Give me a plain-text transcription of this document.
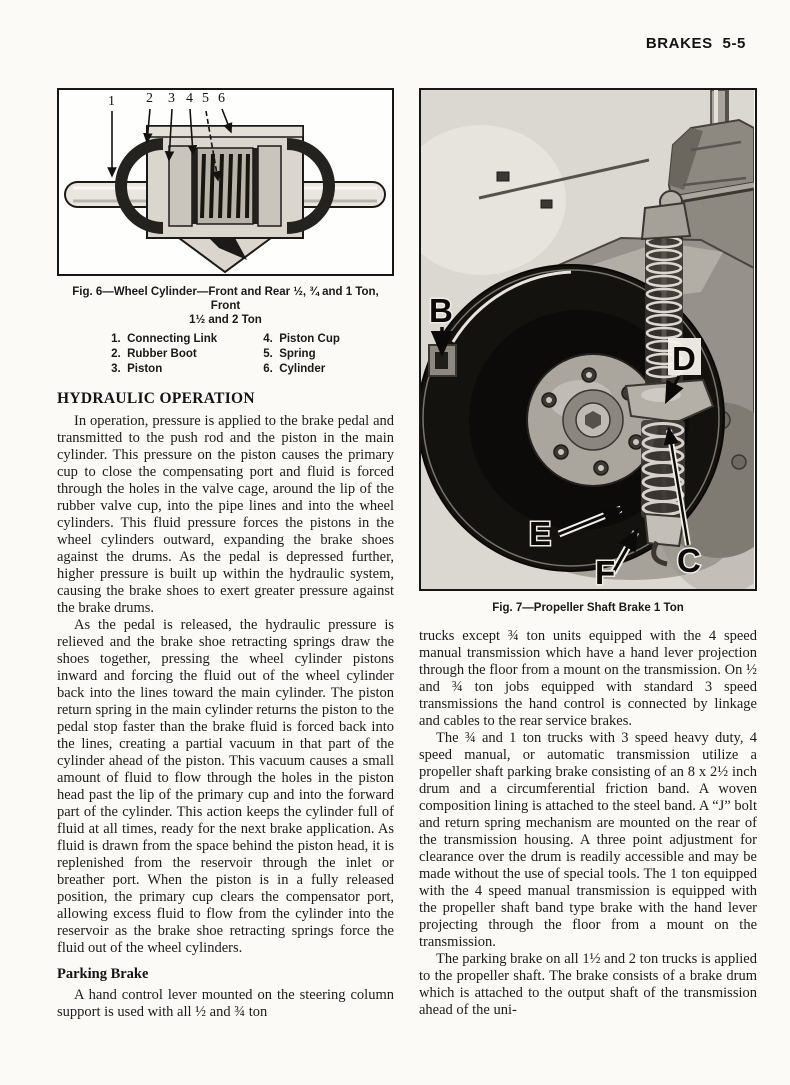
BRAKES 5-5
1 2 3 4 5 6
Fig. 6—Wheel Cylinder—Front and Rear ½, ¾ and 1 Ton, Front
1½ and 2 Ton
1. Connecting Link
2. Rubber Boot
3. Piston
4. Piston Cup
5. Spring
6. Cylinder
HYDRAULIC OPERATION

In operation, pressure is applied to the brake pedal and transmitted to the push rod and the piston in the main cylinder. This pressure on the piston causes the primary cup to close the compensating port and fluid is forced through the holes in the valve cage, around the lip of the rubber valve cup, into the pipe lines and into the wheel cylinders. This fluid pressure forces the pistons in the wheel cylinders outward, expanding the brake shoes against the drums. As the pedal is depressed further, higher pressure is built up within the hydraulic system, causing the brake shoes to exert greater pressure against the brake drums.

As the pedal is released, the hydraulic pressure is relieved and the brake shoe retracting springs draw the shoes together, pressing the wheel cylinder pistons inward and forcing the fluid out of the wheel cylinder back into the lines toward the main cylinder. The piston return spring in the main cylinder returns the piston to the pedal stop faster than the brake fluid is forced back into the lines, creating a partial vacuum in that part of the cylinder ahead of the piston. This vacuum causes a small amount of fluid to flow through the holes in the piston head past the lip of the primary cup and into the forward part of the cylinder. This action keeps the cylinder full of fluid at all times, ready for the next brake application. As fluid is drawn from the space behind the piston head, it is replenished from the reservoir through the inlet or breather port. When the piston is in a fully released position, the primary cup clears the compensator port, allowing excess fluid to flow from the cylinder into the reservoir as the brake shoe retracting springs force the fluid out of the wheel cylinders.

Parking Brake

A hand control lever mounted on the steering column support is used with all ½ and ¾ ton

B
D
E
F C
Fig. 7—Propeller Shaft Brake 1 Ton

trucks except ¾ ton units equipped with the 4 speed manual transmission which have a hand lever projection through the floor from a mount on the transmission. On ½ and ¾ ton jobs equipped with standard 3 speed transmissions the hand control is connected by linkage and cables to the rear service brakes.

The ¾ and 1 ton trucks with 3 speed heavy duty, 4 speed manual, or automatic transmission utilize a propeller shaft parking brake consisting of an 8 x 2½ inch drum and a circumferential friction band. A woven composition lining is attached to the steel band. A “J” bolt and return spring mechanism are mounted on the rear of the transmission housing. A three point adjustment for clearance over the drum is readily accessible and may be made without the use of special tools. The 1 ton equipped with the 4 speed manual transmission is equipped with the propeller shaft band type brake with the hand lever projecting through the floor from a mount on the transmission.

The parking brake on all 1½ and 2 ton trucks is applied to the propeller shaft. The brake consists of a brake drum which is attached to the output shaft of the transmission ahead of the uni-
